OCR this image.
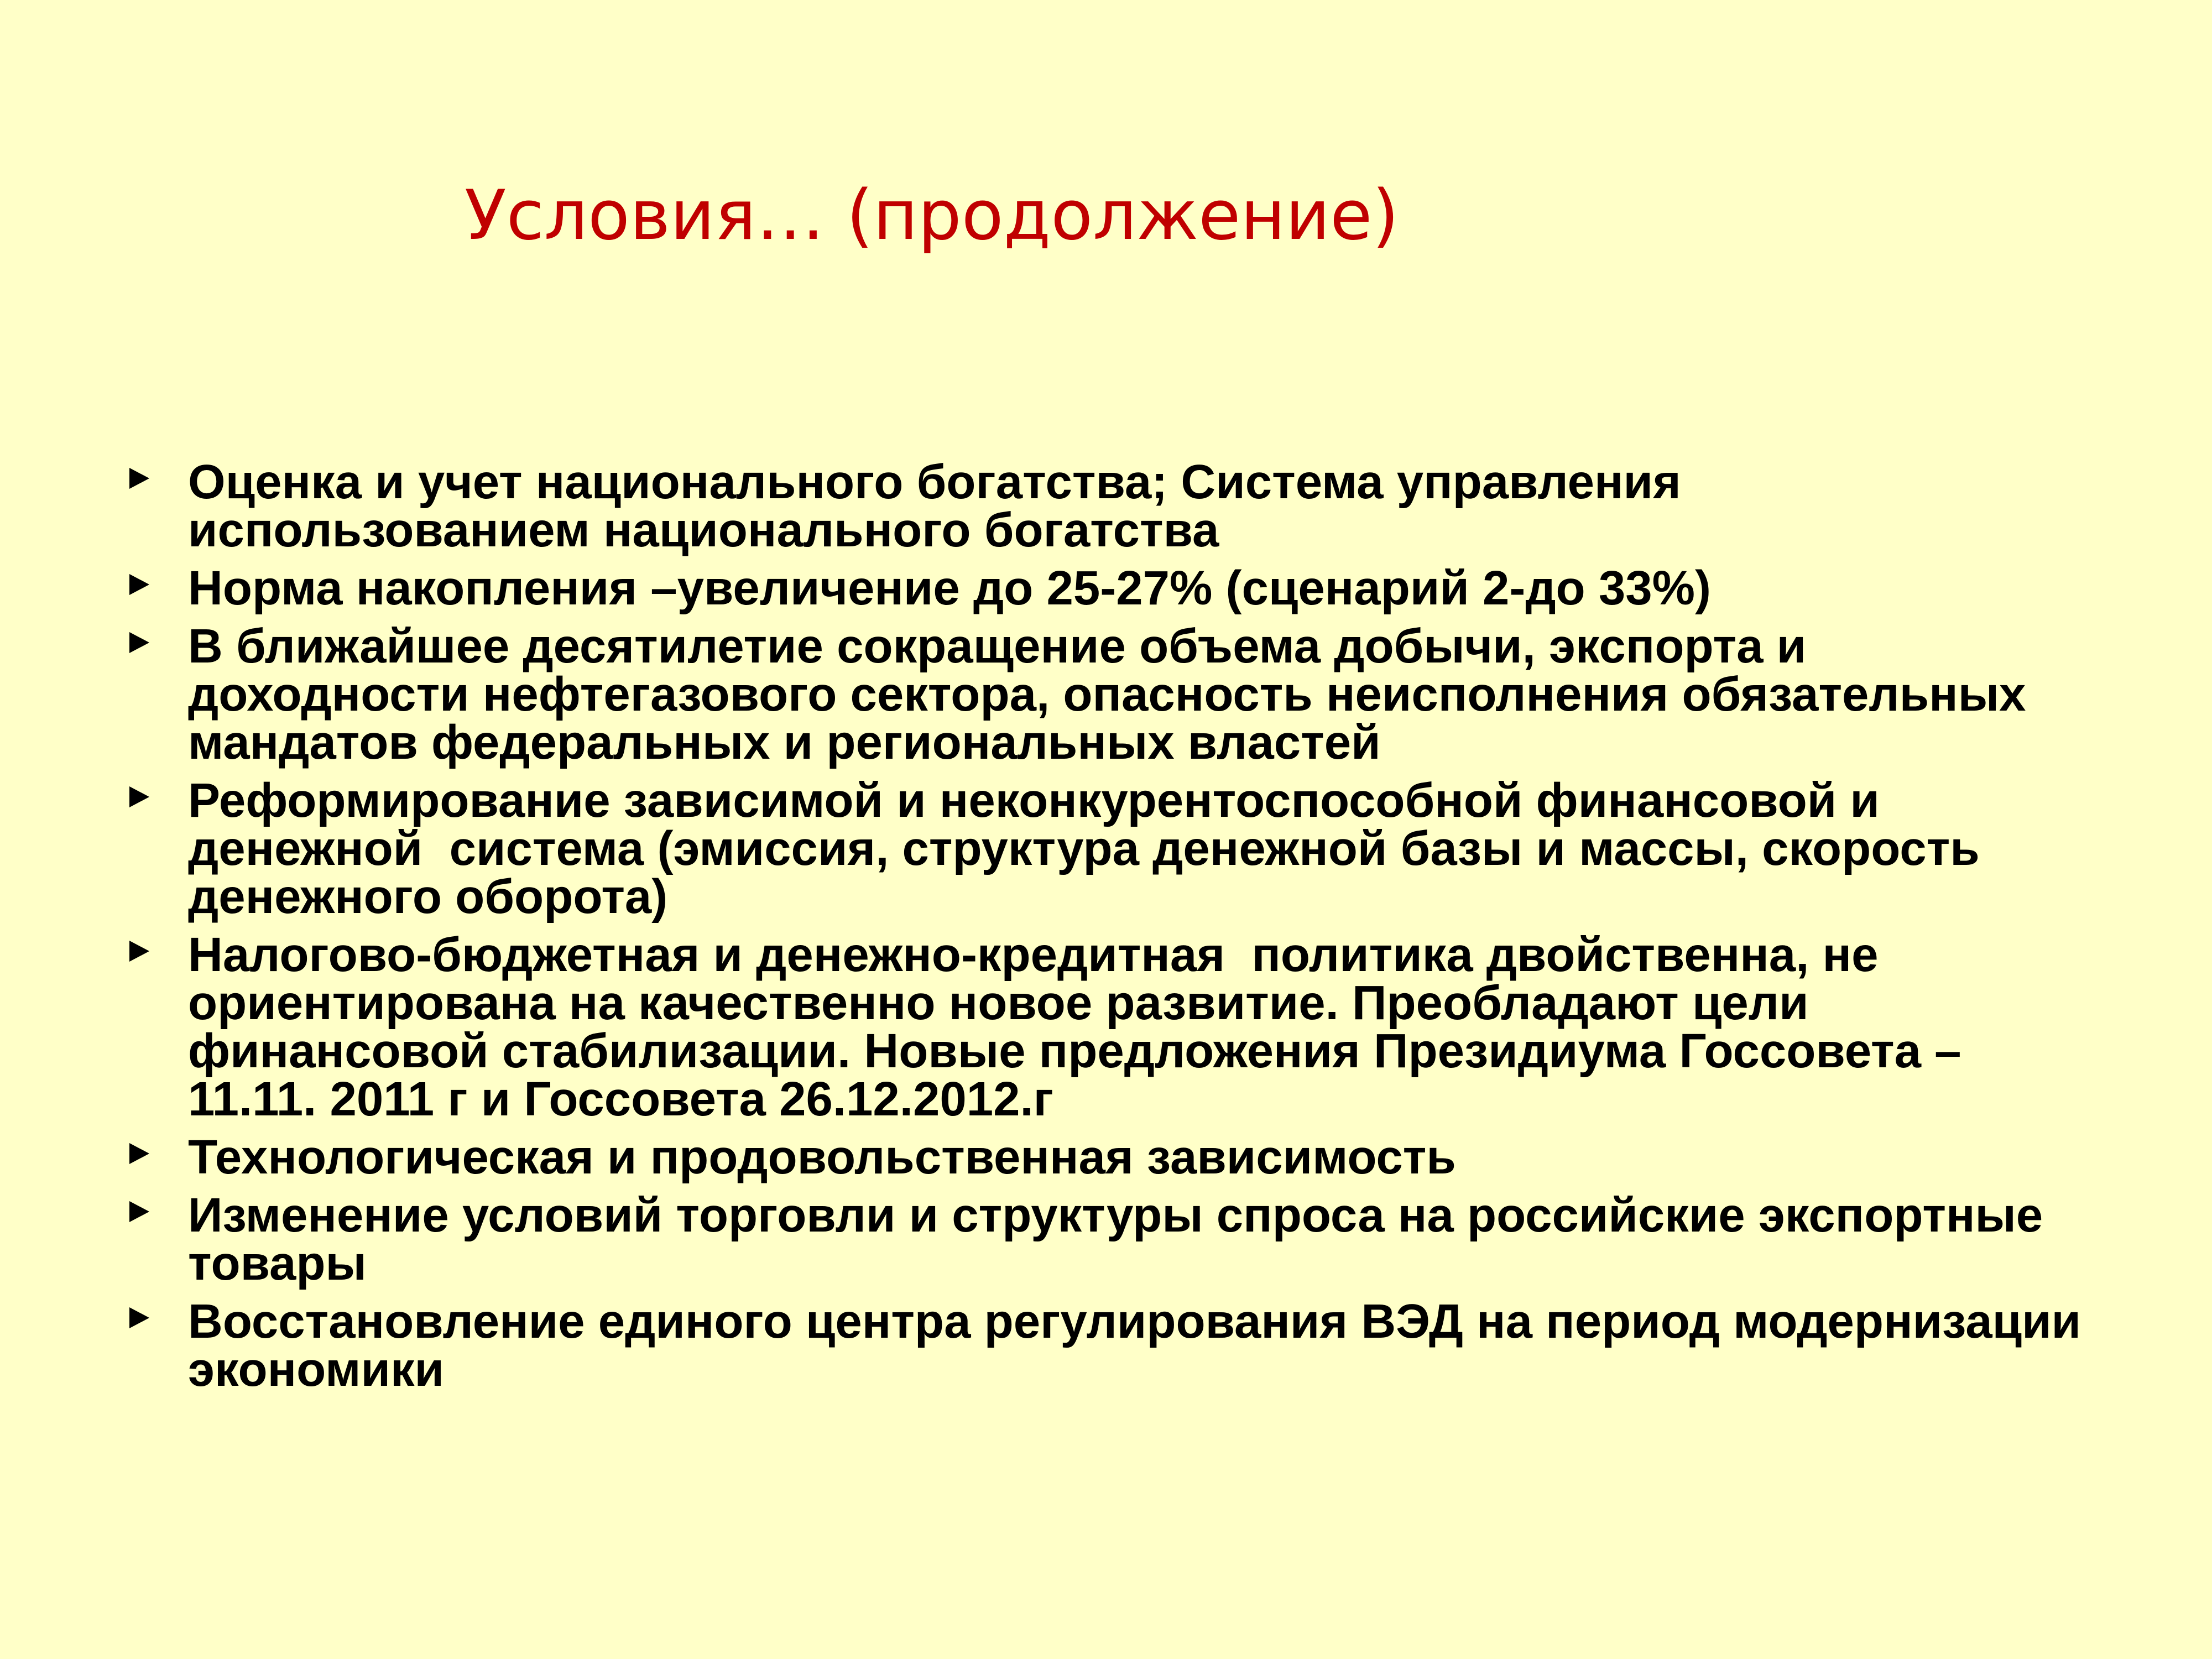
Условия… (продолжение)
Оценка и учет национального богатства; Система управления
использованием национального богатства
Норма накопления –увеличение до 25-27% (сценарий 2-до 33%)
В ближайшее десятилетие сокращение объема добычи, экспорта и
доходности нефтегазового сектора, опасность неисполнения обязательных
мандатов федеральных и региональных властей
Реформирование зависимой и неконкурентоспособной финансовой и
денежной  система (эмиссия, структура денежной базы и массы, скорость
денежного оборота)
Налогово-бюджетная и денежно-кредитная  политика двойственна, не
ориентирована на качественно новое развитие. Преобладают цели
финансовой стабилизации. Новые предложения Президиума Госсовета –
11.11. 2011 г и Госсовета 26.12.2012.г
Технологическая и продовольственная зависимость
Изменение условий торговли и структуры спроса на российские экспортные
товары
Восстановление единого центра регулирования ВЭД на период модернизации
экономики
